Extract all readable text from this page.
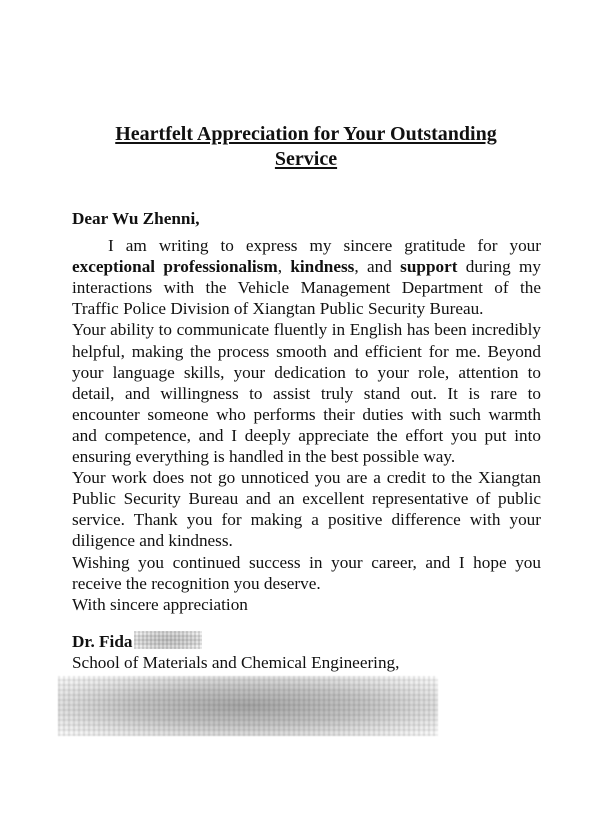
Heartfelt Appreciation for Your Outstanding
Service

Dear Wu Zhenni,

I am writing to express my sincere gratitude for your exceptional professionalism, kindness, and support during my interactions with the Vehicle Management Department of the Traffic Police Division of Xiangtan Public Security Bureau.

Your ability to communicate fluently in English has been incredibly helpful, making the process smooth and efficient for me. Beyond your language skills, your dedication to your role, attention to detail, and willingness to assist truly stand out. It is rare to encounter someone who performs their duties with such warmth and competence, and I deeply appreciate the effort you put into ensuring everything is handled in the best possible way.

Your work does not go unnoticed you are a credit to the Xiangtan Public Security Bureau and an excellent representative of public service. Thank you for making a positive difference with your diligence and kindness.

Wishing you continued success in your career, and I hope you receive the recognition you deserve.

With sincere appreciation

Dr. Fida

School of Materials and Chemical Engineering,
